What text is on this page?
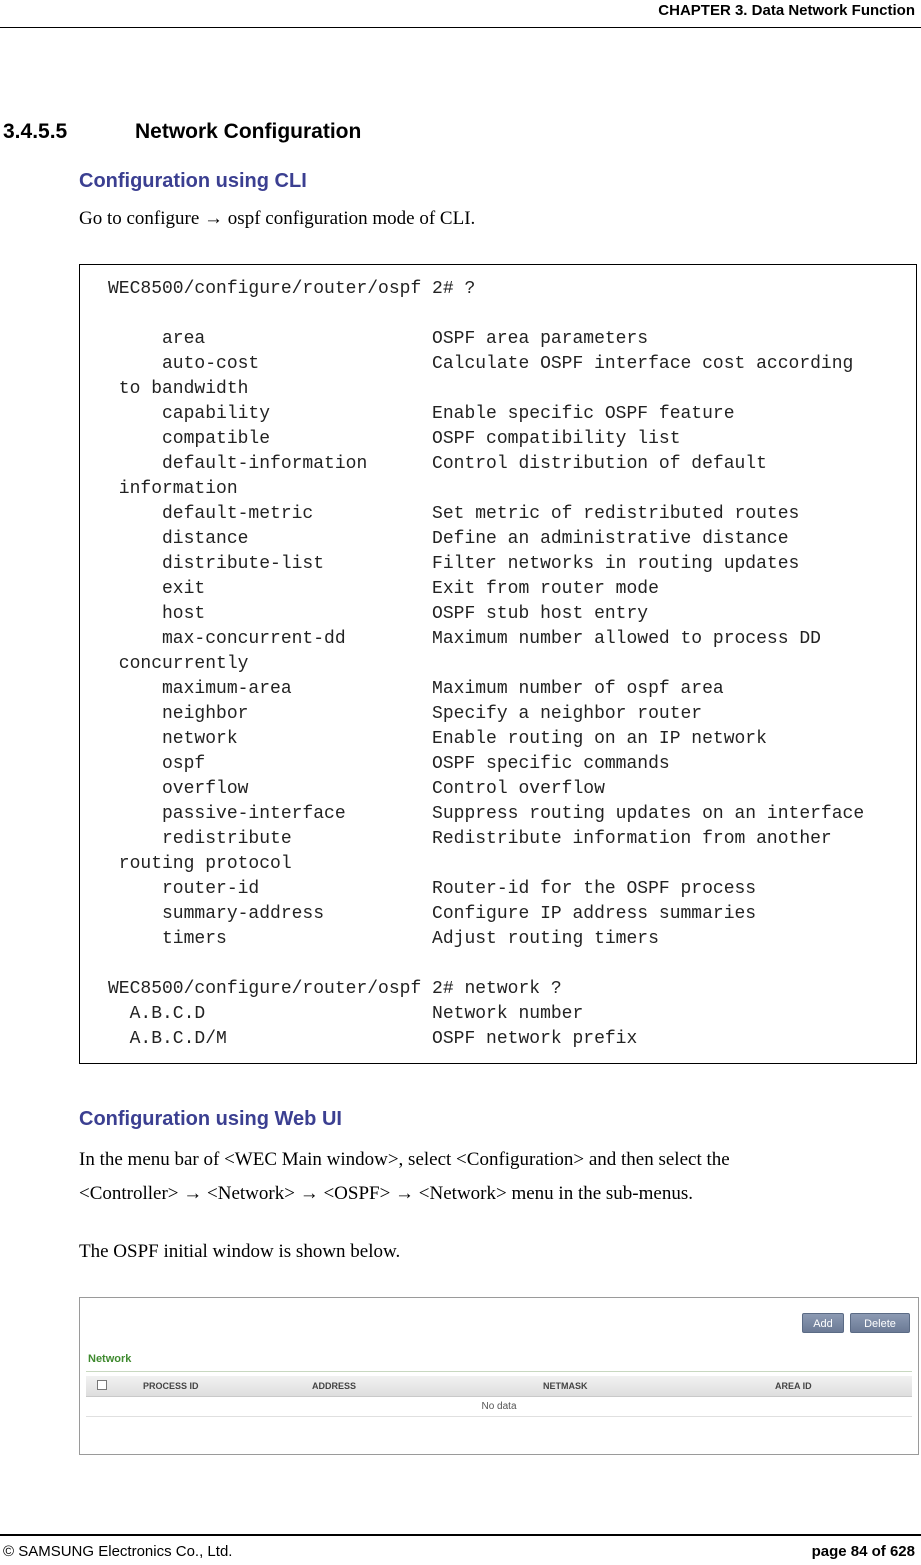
CHAPTER 3. Data Network Function
3.4.5.5	Network Configuration
Configuration using CLI
Go to configure → ospf configuration mode of CLI.
WEC8500/configure/router/ospf 2# ?

area                     OSPF area parameters
auto-cost                Calculate OSPF interface cost according
to bandwidth
capability               Enable specific OSPF feature
compatible               OSPF compatibility list
default-information      Control distribution of default
information
default-metric           Set metric of redistributed routes
distance                 Define an administrative distance
distribute-list          Filter networks in routing updates
exit                     Exit from router mode
host                     OSPF stub host entry
max-concurrent-dd        Maximum number allowed to process DD
concurrently
maximum-area             Maximum number of ospf area
neighbor                 Specify a neighbor router
network                  Enable routing on an IP network
ospf                     OSPF specific commands
overflow                 Control overflow
passive-interface        Suppress routing updates on an interface
redistribute             Redistribute information from another
routing protocol
router-id                Router-id for the OSPF process
summary-address          Configure IP address summaries
timers                   Adjust routing timers

WEC8500/configure/router/ospf 2# network ?
A.B.C.D                     Network number
A.B.C.D/M                   OSPF network prefix
Configuration using Web UI
In the menu bar of <WEC Main window>, select <Configuration> and then select the
<Controller> → <Network> → <OSPF> → <Network> menu in the sub-menus.
The OSPF initial window is shown below.
Add	Delete
Network
PROCESS ID	ADDRESS	NETMASK	AREA ID
No data
© SAMSUNG Electronics Co., Ltd.	page 84 of 628
